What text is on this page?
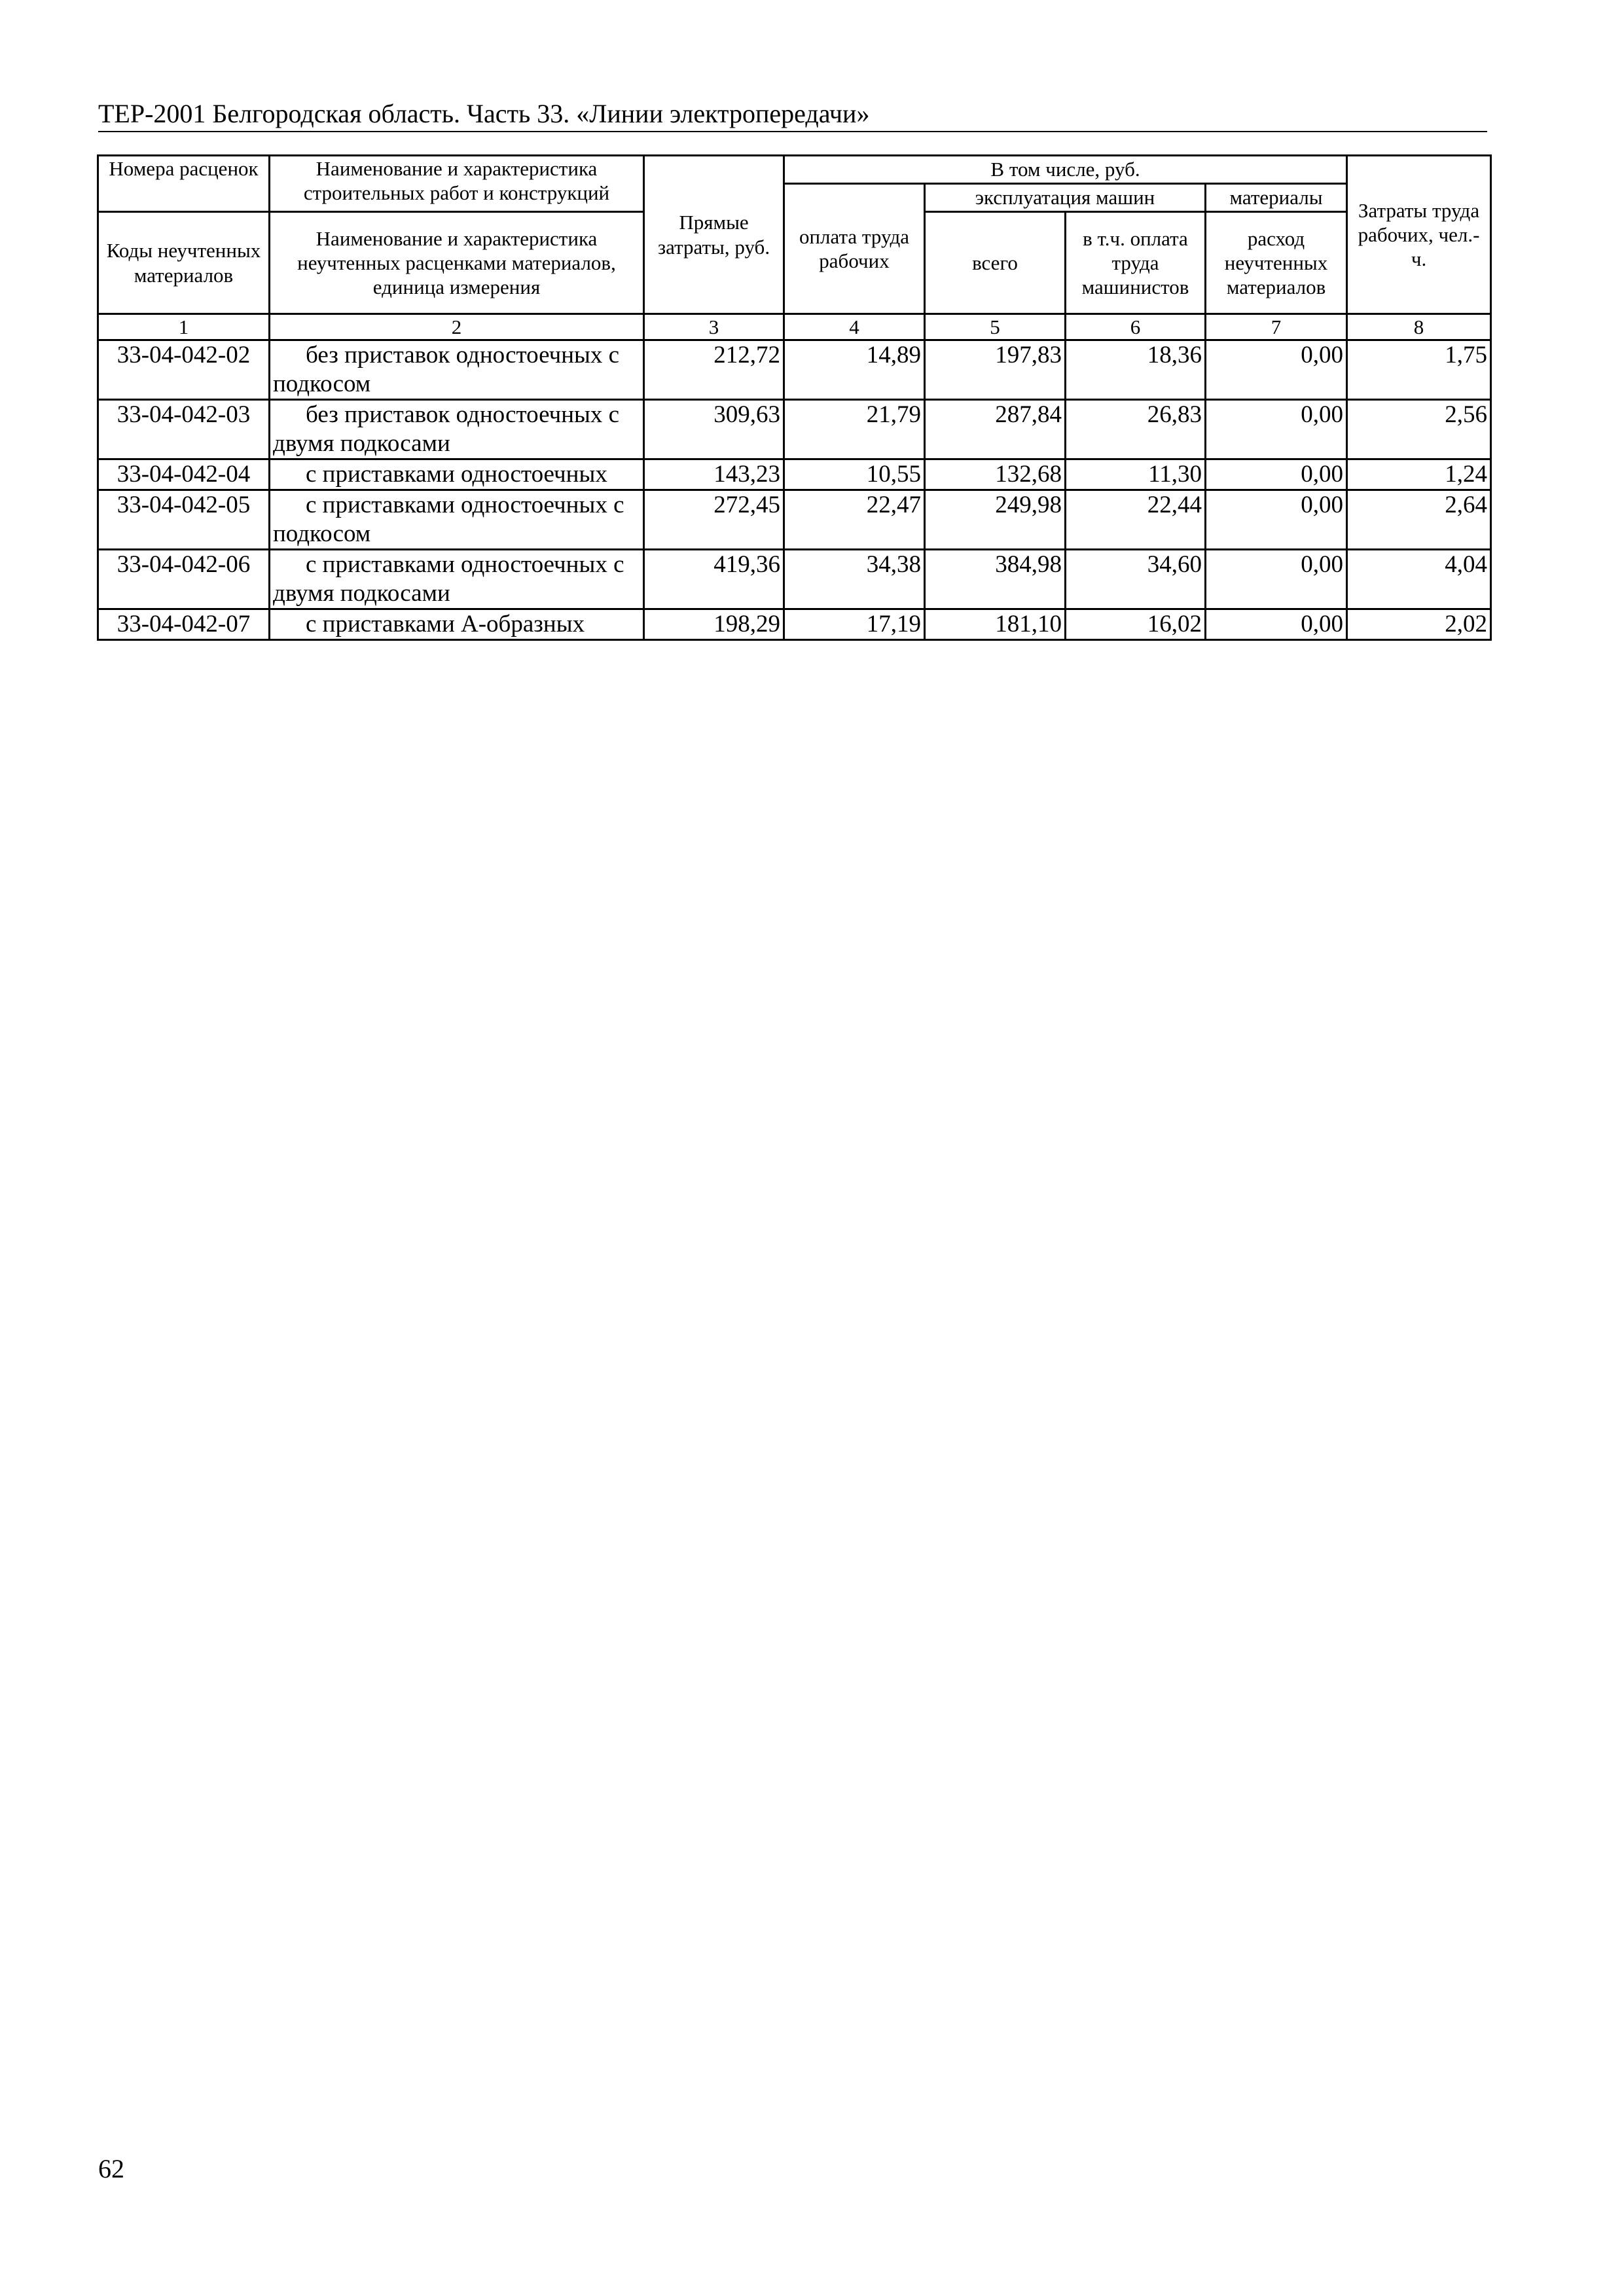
ТЕР-2001 Белгородская область. Часть 33. «Линии электропередачи»
Номера расценок	Наименование и характеристика строительных работ и конструкций	Прямые затраты, руб.	В том числе, руб.				Затраты труда рабочих, чел.-ч.
			оплата труда рабочих	эксплуатация машин		материалы	
Коды неучтенных материалов	Наименование и характеристика неучтенных расценками материалов, единица измерения			всего	в т.ч. оплата труда машинистов	расход неучтенных материалов	

1	2	3	4	5	6	7	8
33-04-042-02	без приставок одностоечных с подкосом	212,72	14,89	197,83	18,36	0,00	1,75
33-04-042-03	без приставок одностоечных с двумя подкосами	309,63	21,79	287,84	26,83	0,00	2,56
33-04-042-04	с приставками одностоечных	143,23	10,55	132,68	11,30	0,00	1,24
33-04-042-05	с приставками одностоечных с подкосом	272,45	22,47	249,98	22,44	0,00	2,64
33-04-042-06	с приставками одностоечных с двумя подкосами	419,36	34,38	384,98	34,60	0,00	4,04
33-04-042-07	с приставками А-образных	198,29	17,19	181,10	16,02	0,00	2,02
62
